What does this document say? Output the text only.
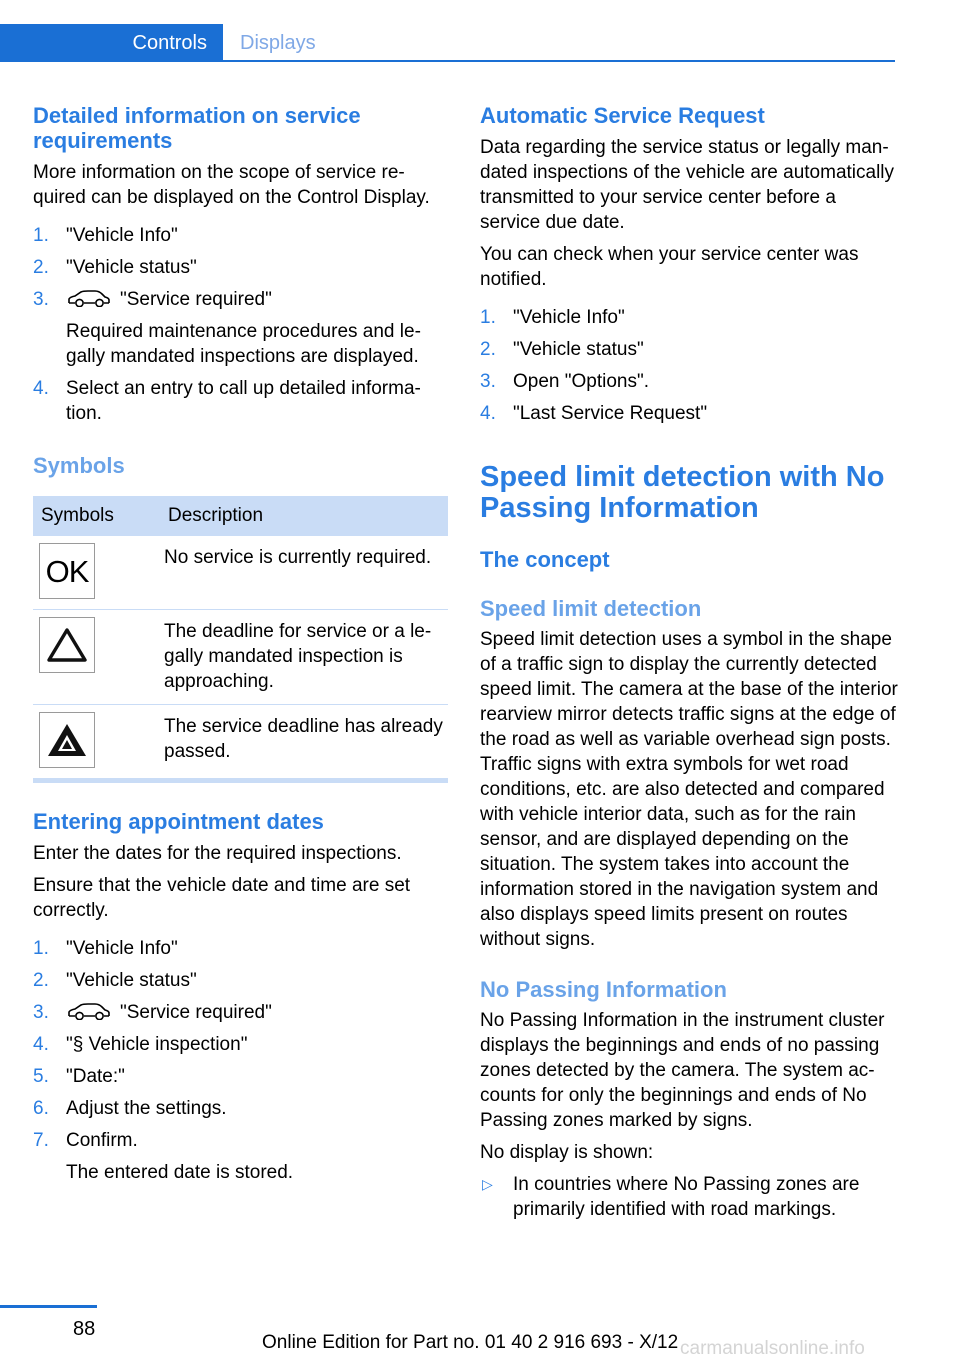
Controls	Displays
Detailed information on service requirements

More information on the scope of service required can be displayed on the Control Display.

1. "Vehicle Info"
2. "Vehicle status"
3.	"Service required"
Required maintenance procedures and legally mandated inspections are displayed.
4. Select an entry to call up detailed information.
Symbols
Symbols	Description

OK	No service is currently required.

	The deadline for service or a legally mandated inspection is approaching.

	The service deadline has already passed.
Entering appointment dates

Enter the dates for the required inspections.

Ensure that the vehicle date and time are set correctly.

1. "Vehicle Info"
2. "Vehicle status"
3.	"Service required"
4. "§ Vehicle inspection"
5. "Date:"
6. Adjust the settings.
7. Confirm.
The entered date is stored.
Automatic Service Request

Data regarding the service status or legally mandated inspections of the vehicle are automatically transmitted to your service center before a service due date.

You can check when your service center was notified.

1. "Vehicle Info"
2. "Vehicle status"
3. Open "Options".
4. "Last Service Request"
Speed limit detection with No Passing Information
The concept
Speed limit detection

Speed limit detection uses a symbol in the shape of a traffic sign to display the currently detected speed limit. The camera at the base of the interior rearview mirror detects traffic signs at the edge of the road as well as variable overhead sign posts. Traffic signs with extra symbols for wet road conditions, etc. are also detected and compared with vehicle interior data, such as for the rain sensor, and are displayed depending on the situation. The system takes into account the information stored in the navigation system and also displays speed limits present on routes without signs.

No Passing Information

No Passing Information in the instrument cluster displays the beginnings and ends of no passing zones detected by the camera. The system accounts for only the beginnings and ends of No Passing zones marked by signs.

No display is shown:

▷ In countries where No Passing zones are primarily identified with road markings.
88
Online Edition for Part no. 01 40 2 916 693 - X/12 carmanualsonline.info
